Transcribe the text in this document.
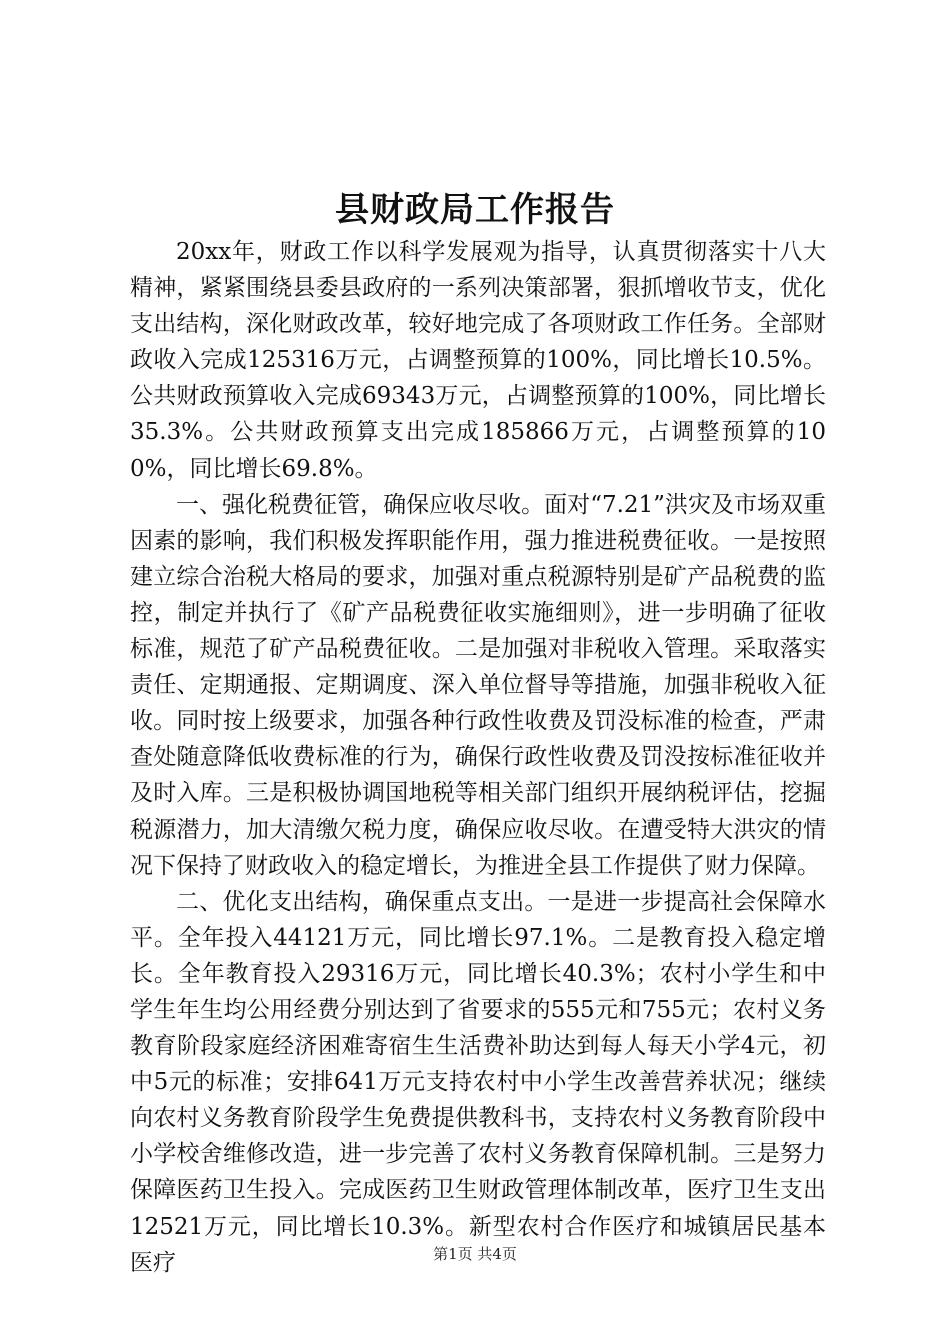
县财政局工作报告

20xx年，财政工作以科学发展观为指导，认真贯彻落实十八大精神，紧紧围绕县委县政府的一系列决策部署，狠抓增收节支，优化支出结构，深化财政改革，较好地完成了各项财政工作任务。全部财政收入完成125316万元，占调整预算的100%，同比增长10.5%。公共财政预算收入完成69343万元，占调整预算的100%，同比增长35.3%。公共财政预算支出完成185866万元，占调整预算的100%，同比增长69.8%。

一、强化税费征管，确保应收尽收。面对“7.21”洪灾及市场双重因素的影响，我们积极发挥职能作用，强力推进税费征收。一是按照建立综合治税大格局的要求，加强对重点税源特别是矿产品税费的监控，制定并执行了《矿产品税费征收实施细则》，进一步明确了征收标准，规范了矿产品税费征收。二是加强对非税收入管理。采取落实责任、定期通报、定期调度、深入单位督导等措施，加强非税收入征收。同时按上级要求，加强各种行政性收费及罚没标准的检查，严肃查处随意降低收费标准的行为，确保行政性收费及罚没按标准征收并及时入库。三是积极协调国地税等相关部门组织开展纳税评估，挖掘税源潜力，加大清缴欠税力度，确保应收尽收。在遭受特大洪灾的情况下保持了财政收入的稳定增长，为推进全县工作提供了财力保障。

二、优化支出结构，确保重点支出。一是进一步提高社会保障水平。全年投入44121万元，同比增长97.1%。二是教育投入稳定增长。全年教育投入29316万元，同比增长40.3%；农村小学生和中学生年生均公用经费分别达到了省要求的555元和755元；农村义务教育阶段家庭经济困难寄宿生生活费补助达到每人每天小学4元，初中5元的标准；安排641万元支持农村中小学生改善营养状况；继续向农村义务教育阶段学生免费提供教科书，支持农村义务教育阶段中小学校舍维修改造，进一步完善了农村义务教育保障机制。三是努力保障医药卫生投入。完成医药卫生财政管理体制改革，医疗卫生支出12521万元，同比增长10.3%。新型农村合作医疗和城镇居民基本医疗	第1页 共4页
